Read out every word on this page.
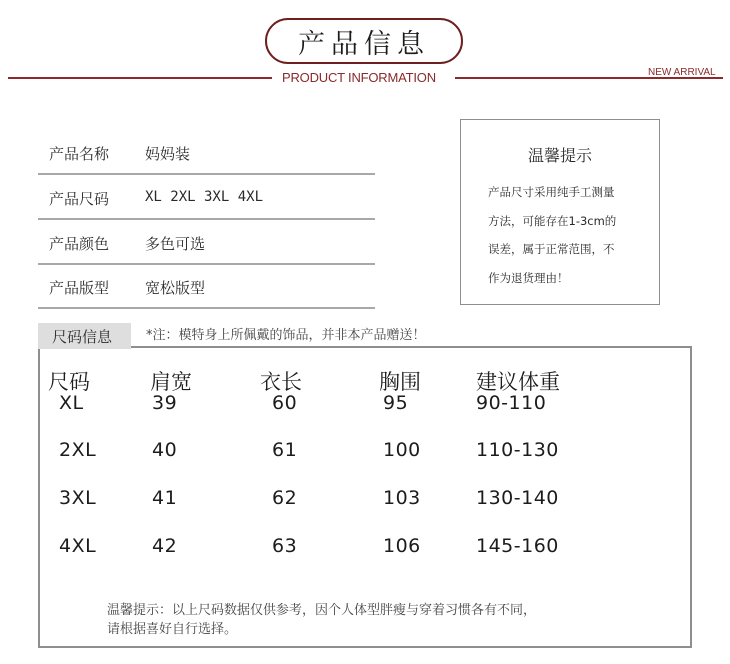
产品信息
PRODUCT INFORMATION	NEW ARRIVAL
产品名称 妈妈装
产品尺码	XL 2XL 3XL 4XL
产品颜色 多色可选
产品版型 宽松版型
温馨提示
产品尺寸采用纯手工测量
方法，可能存在1-3cm的
误差，属于正常范围，不
作为退货理由！
尺码信息	*注：模特身上所佩戴的饰品，并非本产品赠送！
尺码	肩宽	衣长	胸围	建议体重
XL	39	60	95	90-110
2XL	40	61	100	110-130
3XL	41	62	103	130-140
4XL	42	63	106	145-160
温馨提示：以上尺码数据仅供参考，因个人体型胖瘦与穿着习惯各有不同，
请根据喜好自行选择。
